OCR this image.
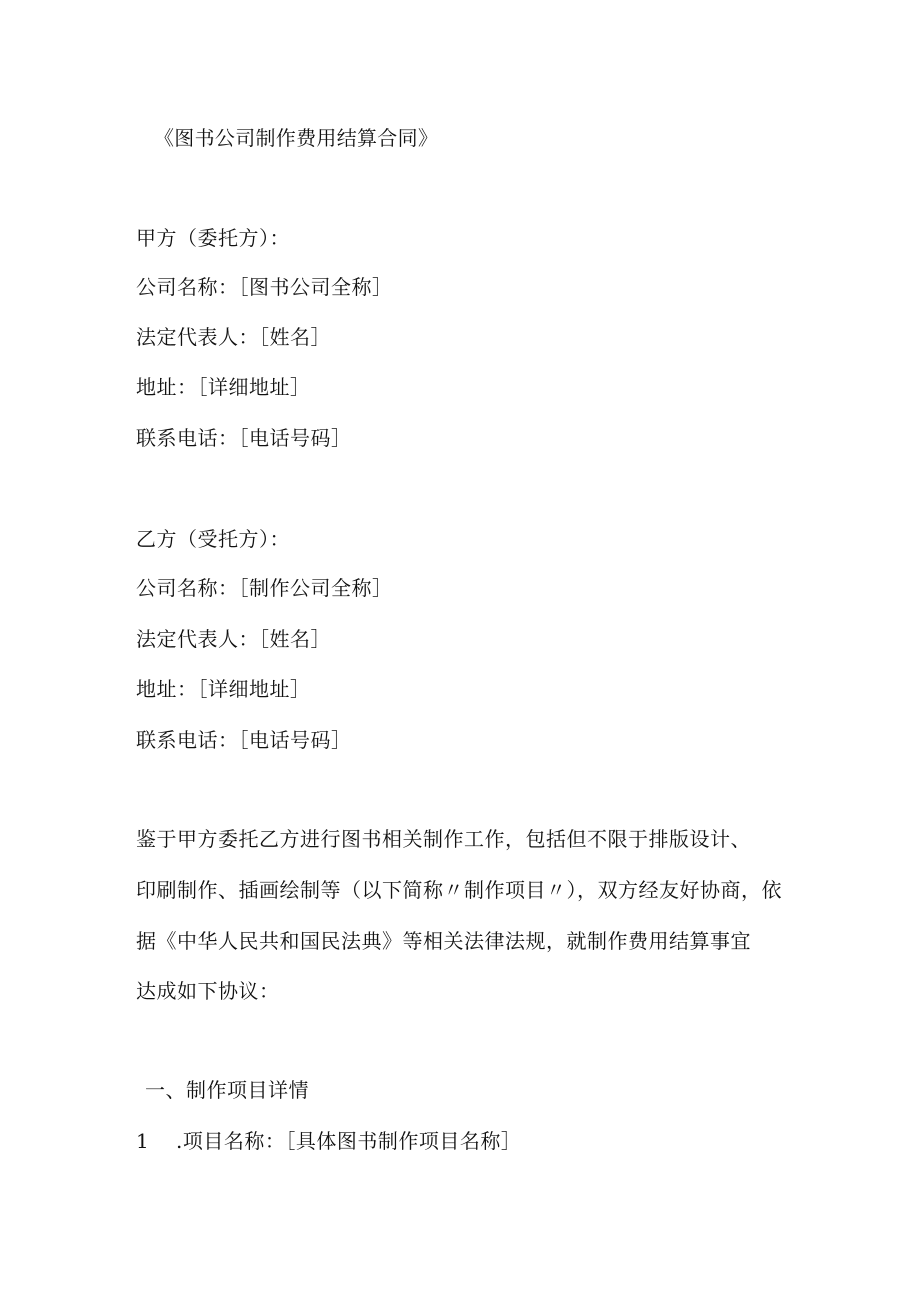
《图书公司制作费用结算合同》
甲方（委托方）：
公司名称：［图书公司全称］
法定代表人：［姓名］
地址：［详细地址］
联系电话：［电话号码］
乙方（受托方）：
公司名称：［制作公司全称］
法定代表人：［姓名］
地址：［详细地址］
联系电话：［电话号码］
鉴于甲方委托乙方进行图书相关制作工作，包括但不限于排版设计、
印刷制作、插画绘制等（以下简称〃制作项目〃），双方经友好协商，依
据《中华人民共和国民法典》等相关法律法规，就制作费用结算事宜
达成如下协议：
一、制作项目详情
1 .项目名称：［具体图书制作项目名称］
